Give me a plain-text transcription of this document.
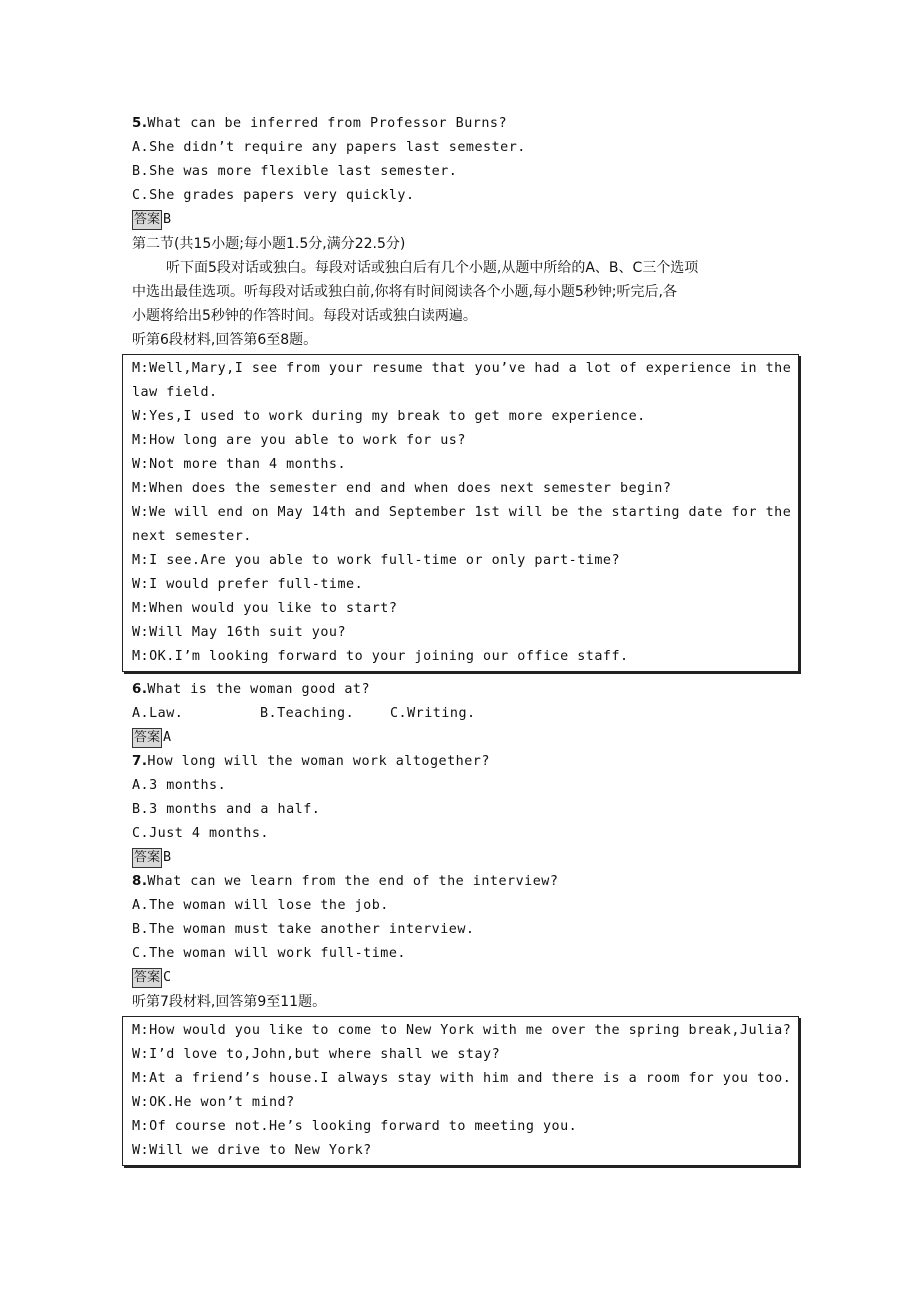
5.What can be inferred from Professor Burns?
A.She didn’t require any papers last semester.
B.She was more flexible last semester.
C.She grades papers very quickly.
答案 B
第二节(共15小题;每小题1.5分,满分22.5分)
听下面5段对话或独白。每段对话或独白后有几个小题,从题中所给的A、B、C三个选项
中选出最佳选项。听每段对话或独白前,你将有时间阅读各个小题,每小题5秒钟;听完后,各
小题将给出5秒钟的作答时间。每段对话或独白读两遍。
听第6段材料,回答第6至8题。
M:Well,Mary,I see from your resume that you’ve had a lot of experience in the law field.
W:Yes,I used to work during my break to get more experience.
M:How long are you able to work for us?
W:Not more than 4 months.
M:When does the semester end and when does next semester begin?
W:We will end on May 14th and September 1st will be the starting date for the next semester.
M:I see.Are you able to work full-time or only part-time?
W:I would prefer full-time.
M:When would you like to start?
W:Will May 16th suit you?
M:OK.I’m looking forward to your joining our office staff.
6.What is the woman good at?
A.Law.	B.Teaching.	C.Writing.
答案 A
7.How long will the woman work altogether?
A.3 months.
B.3 months and a half.
C.Just 4 months.
答案 B
8.What can we learn from the end of the interview?
A.The woman will lose the job.
B.The woman must take another interview.
C.The woman will work full-time.
答案 C
听第7段材料,回答第9至11题。
M:How would you like to come to New York with me over the spring break,Julia?
W:I’d love to,John,but where shall we stay?
M:At a friend’s house.I always stay with him and there is a room for you too.
W:OK.He won’t mind?
M:Of course not.He’s looking forward to meeting you.
W:Will we drive to New York?
